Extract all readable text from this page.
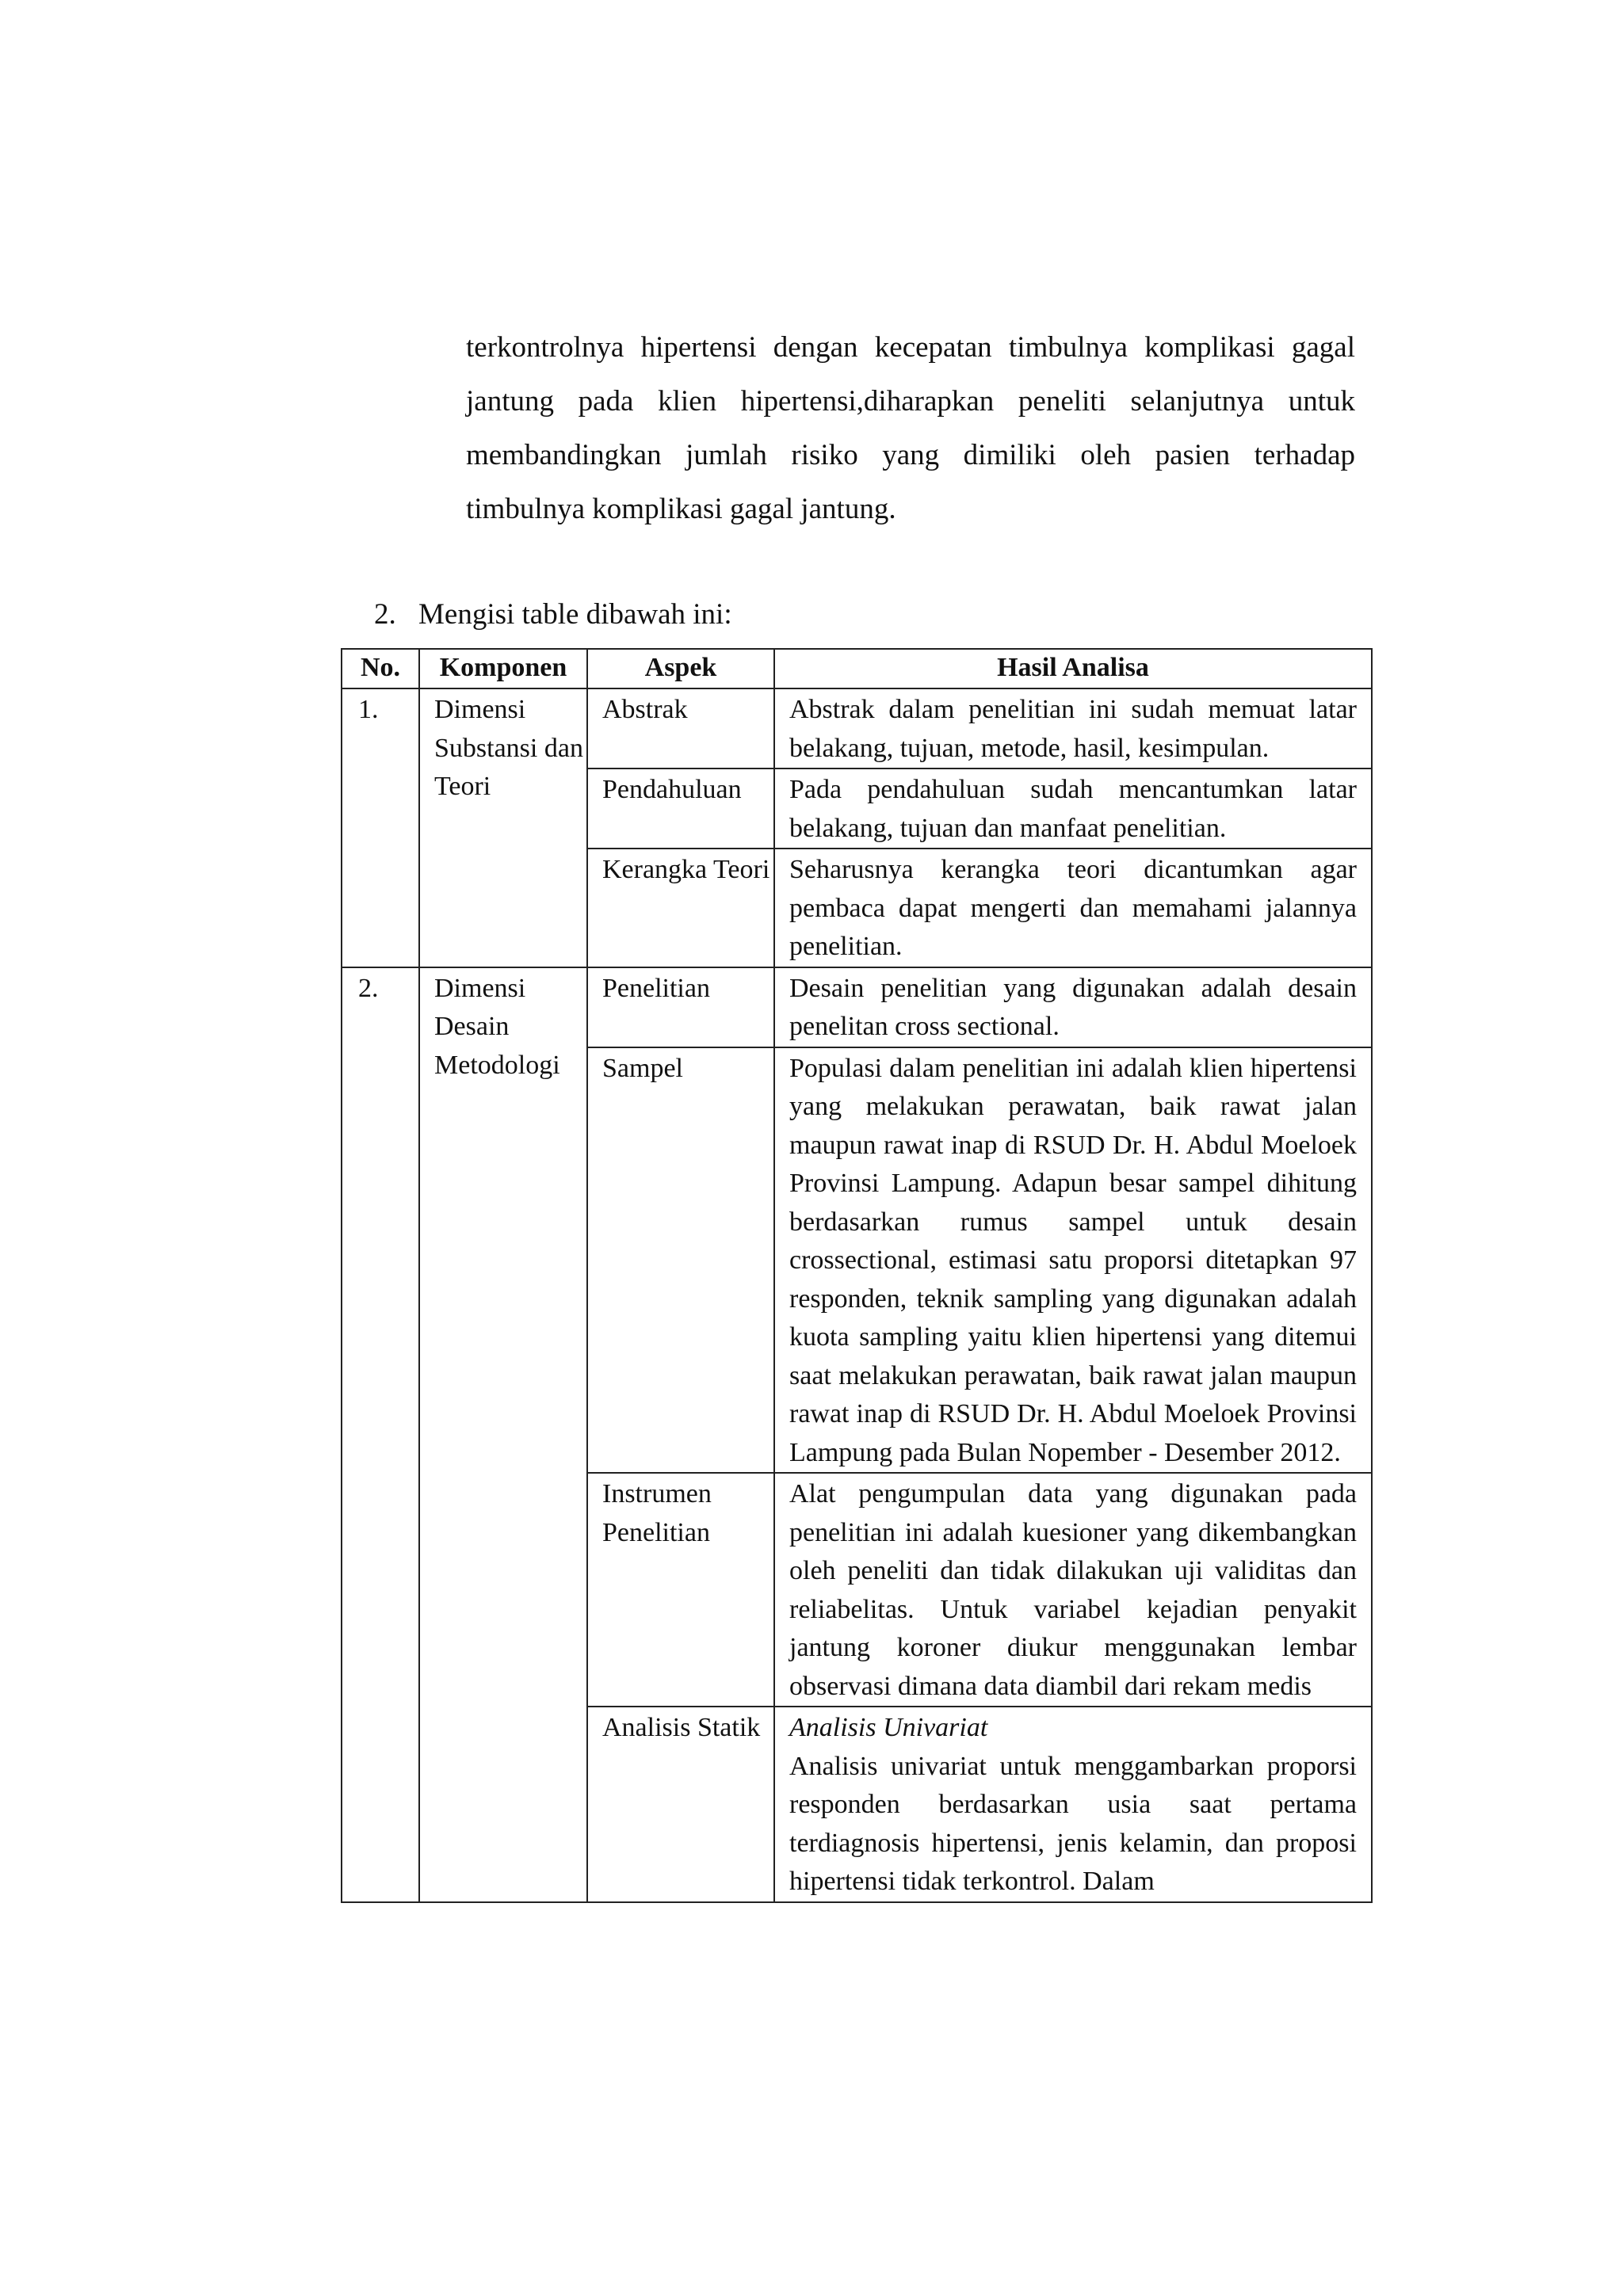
terkontrolnya hipertensi dengan kecepatan timbulnya komplikasi gagal jantung pada klien hipertensi,diharapkan peneliti selanjutnya untuk membandingkan jumlah risiko yang dimiliki oleh pasien terhadap timbulnya komplikasi gagal jantung.

2. Mengisi table dibawah ini:
No.	Komponen	Aspek	Hasil Analisa
1.	Dimensi Substansi dan Teori	Abstrak	Abstrak dalam penelitian ini sudah memuat latar belakang, tujuan, metode, hasil, kesimpulan.
		Pendahuluan	Pada pendahuluan sudah mencantumkan latar belakang, tujuan dan manfaat penelitian.
		Kerangka Teori	Seharusnya kerangka teori dicantumkan agar pembaca dapat mengerti dan memahami jalannya penelitian.
2.	Dimensi Desain Metodologi	Penelitian	Desain penelitian yang digunakan adalah desain penelitan cross sectional.
		Sampel	Populasi dalam penelitian ini adalah klien hipertensi yang melakukan perawatan, baik rawat jalan maupun rawat inap di RSUD Dr. H. Abdul Moeloek Provinsi Lampung. Adapun besar sampel dihitung berdasarkan rumus sampel untuk desain crossectional, estimasi satu proporsi ditetapkan 97 responden, teknik sampling yang digunakan adalah kuota sampling yaitu klien hipertensi yang ditemui saat melakukan perawatan, baik rawat jalan maupun rawat inap di RSUD Dr. H. Abdul Moeloek Provinsi Lampung pada Bulan Nopember - Desember 2012.
		Instrumen Penelitian	Alat pengumpulan data yang digunakan pada penelitian ini adalah kuesioner yang dikembangkan oleh peneliti dan tidak dilakukan uji validitas dan reliabelitas. Untuk variabel kejadian penyakit jantung koroner diukur menggunakan lembar observasi dimana data diambil dari rekam medis
		Analisis Statik	Analisis Univariat
Analisis univariat untuk menggambarkan proporsi responden berdasarkan usia saat pertama terdiagnosis hipertensi, jenis kelamin, dan proposi hipertensi tidak terkontrol. Dalam
